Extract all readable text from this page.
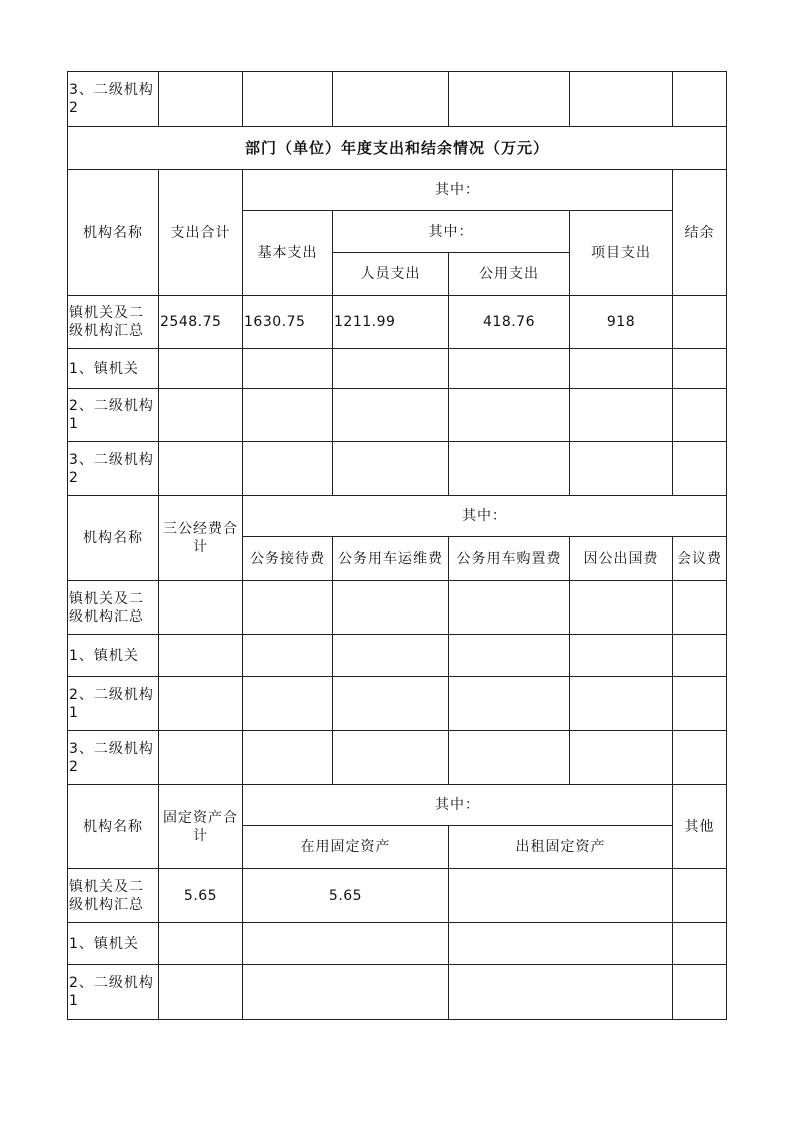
3、二级机构2						
部门（单位）年度支出和结余情况（万元）						
机构名称	支出合计	其中：				结余
		基本支出	其中：		项目支出	
			人员支出	公用支出		
镇机关及二级机构汇总	2548.75	1630.75	1211.99	418.76	918	
1、镇机关						
2、二级机构1						
3、二级机构2						
机构名称	三公经费合计	其中：				
		公务接待费	公务用车运维费	公务用车购置费	因公出国费	会议费
镇机关及二级机构汇总						
1、镇机关						
2、二级机构1						
3、二级机构2						
机构名称	固定资产合计	其中：				其他
		在用固定资产		出租固定资产		
镇机关及二级机构汇总	5.65	5.65				
1、镇机关						
2、二级机构1						
